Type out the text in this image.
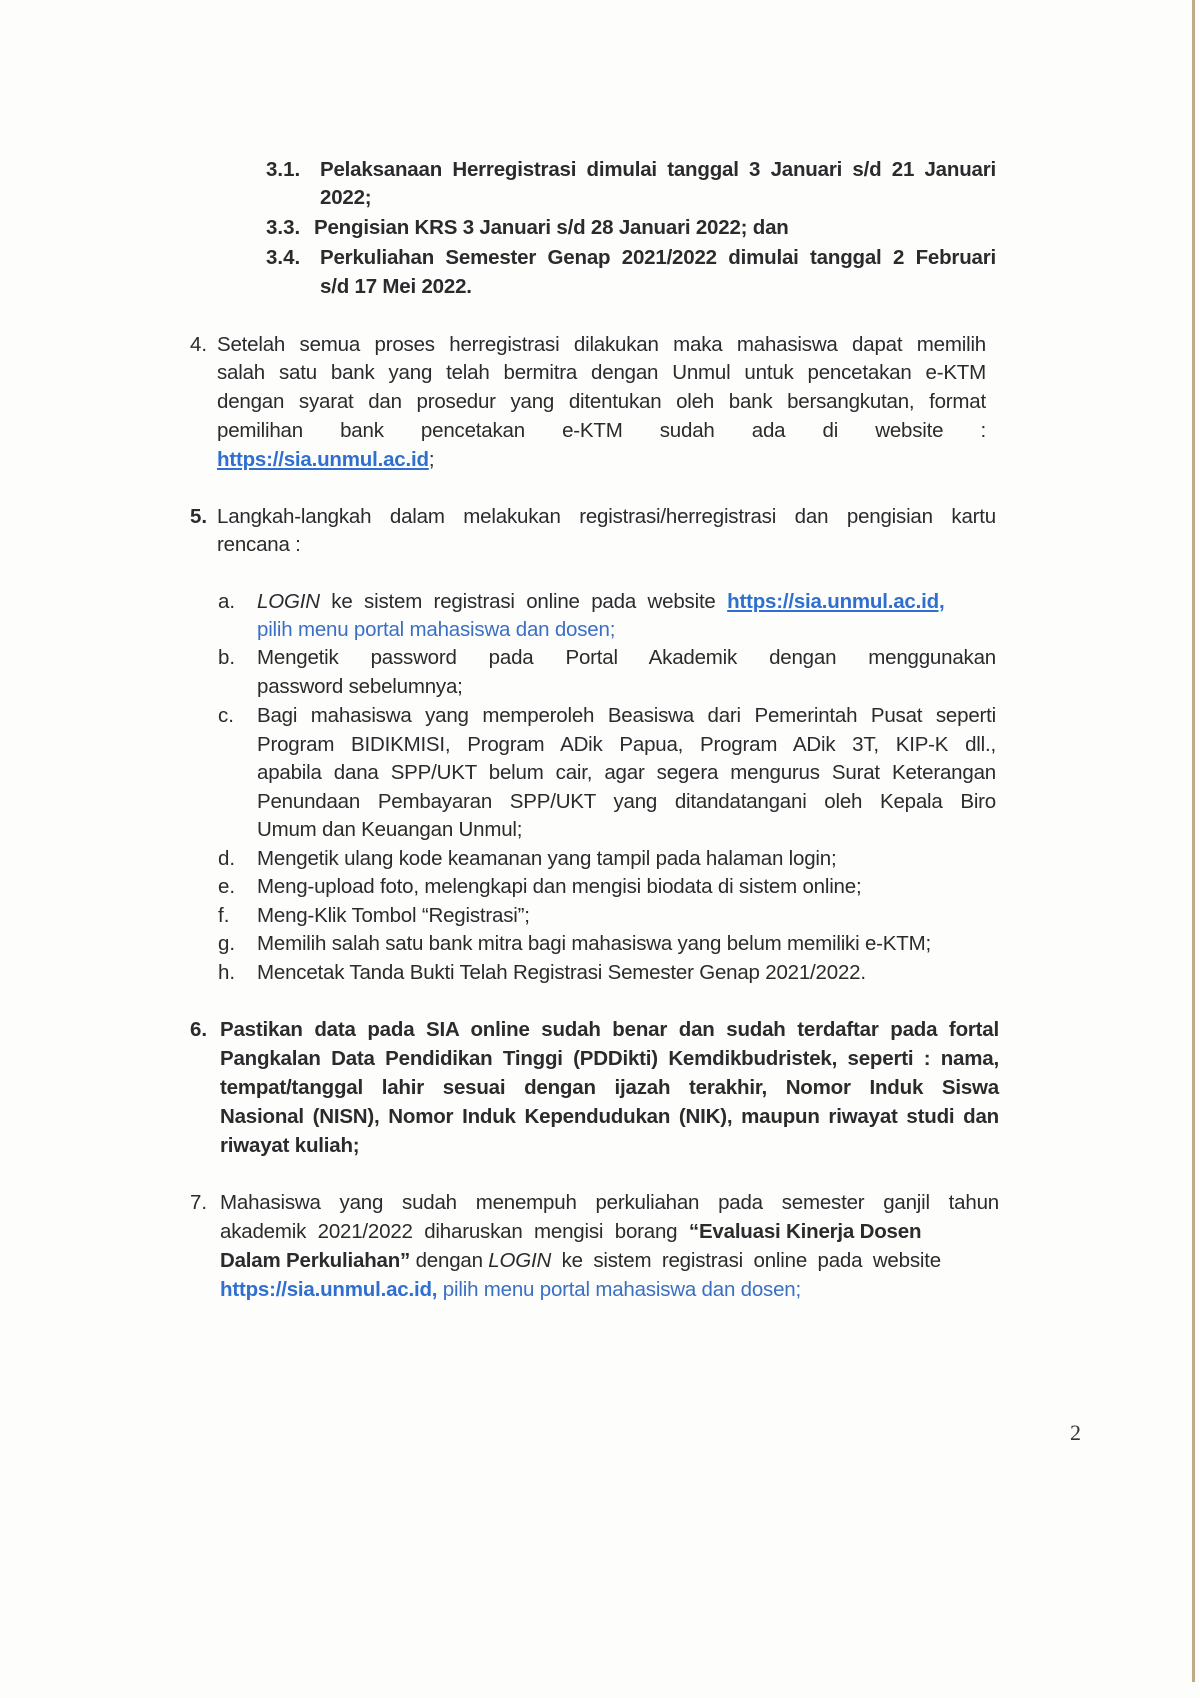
3.1. Pelaksanaan Herregistrasi dimulai tanggal 3 Januari s/d 21 Januari
2022;
3.3. Pengisian KRS 3 Januari s/d 28 Januari 2022; dan
3.4. Perkuliahan Semester Genap 2021/2022 dimulai tanggal 2 Februari
s/d 17 Mei 2022.
4. Setelah semua proses herregistrasi dilakukan maka mahasiswa dapat memilih
salah satu bank yang telah bermitra dengan Unmul untuk pencetakan e-KTM
dengan syarat dan prosedur yang ditentukan oleh bank bersangkutan, format
pemilihan bank pencetakan e-KTM sudah ada di website :
https://sia.unmul.ac.id;
5. Langkah-langkah dalam melakukan registrasi/herregistrasi dan pengisian kartu
rencana :
a. LOGIN ke sistem registrasi online pada website https://sia.unmul.ac.id,
pilih menu portal mahasiswa dan dosen;
b. Mengetik password pada Portal Akademik dengan menggunakan
password sebelumnya;
c. Bagi mahasiswa yang memperoleh Beasiswa dari Pemerintah Pusat seperti
Program BIDIKMISI, Program ADik Papua, Program ADik 3T, KIP-K dll.,
apabila dana SPP/UKT belum cair, agar segera mengurus Surat Keterangan
Penundaan Pembayaran SPP/UKT yang ditandatangani oleh Kepala Biro
Umum dan Keuangan Unmul;
d. Mengetik ulang kode keamanan yang tampil pada halaman login;
e. Meng-upload foto, melengkapi dan mengisi biodata di sistem online;
f. Meng-Klik Tombol “Registrasi”;
g. Memilih salah satu bank mitra bagi mahasiswa yang belum memiliki e-KTM;
h. Mencetak Tanda Bukti Telah Registrasi Semester Genap 2021/2022.
6. Pastikan data pada SIA online sudah benar dan sudah terdaftar pada fortal
Pangkalan Data Pendidikan Tinggi (PDDikti) Kemdikbudristek, seperti : nama,
tempat/tanggal lahir sesuai dengan ijazah terakhir, Nomor Induk Siswa
Nasional (NISN), Nomor Induk Kependudukan (NIK), maupun riwayat studi dan
riwayat kuliah;
7. Mahasiswa yang sudah menempuh perkuliahan pada semester ganjil tahun
akademik 2021/2022 diharuskan mengisi borang “Evaluasi Kinerja Dosen
Dalam Perkuliahan” dengan LOGIN ke sistem registrasi online pada website
https://sia.unmul.ac.id, pilih menu portal mahasiswa dan dosen;
2
